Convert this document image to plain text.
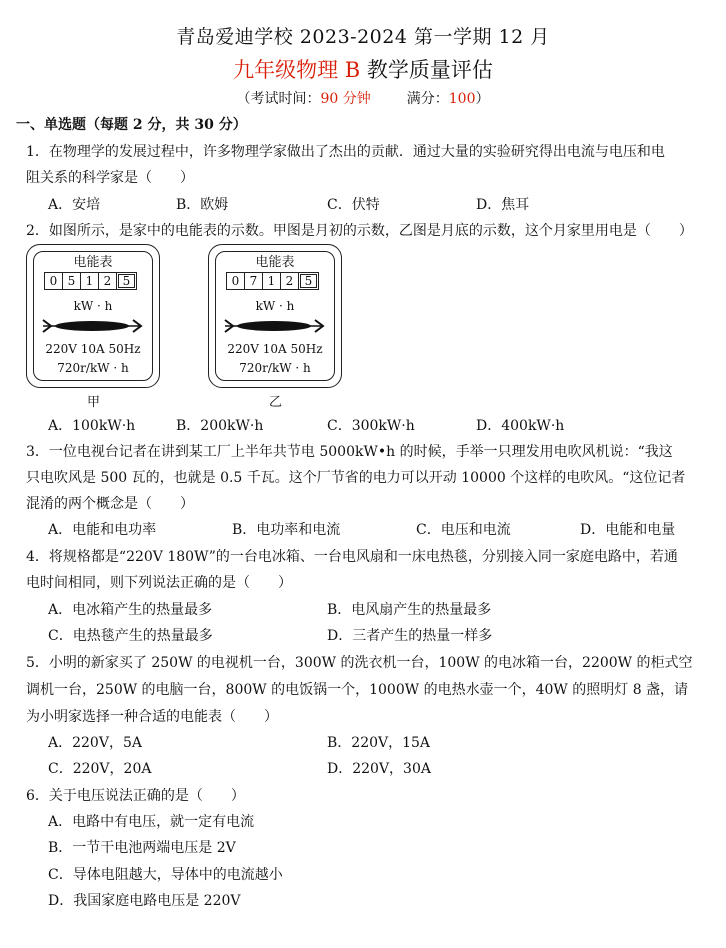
青岛爱迪学校 2023-2024 第一学期 12 月
九年级物理 B 教学质量评估
（考试时间：90 分钟	满分：100）
一、单选题（每题 2 分，共 30 分）
1．在物理学的发展过程中，许多物理学家做出了杰出的贡献．通过大量的实验研究得出电流与电压和电
阻关系的科学家是（　　）
A．安培	B．欧姆	C．伏特	D．焦耳
2．如图所示，是家中的电能表的示数。甲图是月初的示数，乙图是月底的示数，这个月家里用电是（　　）
电能表
0 5 1 2 5
kW · h
220V 10A 50Hz
720r/kW · h
甲
电能表
0 7 1 2 5
kW · h
220V 10A 50Hz
720r/kW · h
乙
A．100kW·h	B．200kW·h	C．300kW·h	D．400kW·h
3．一位电视台记者在讲到某工厂上半年共节电 5000kW•h 的时候，手举一只理发用电吹风机说：“我这
只电吹风是 500 瓦的，也就是 0.5 千瓦。这个厂节省的电力可以开动 10000 个这样的电吹风。“这位记者
混淆的两个概念是（　　）
A．电能和电功率	B．电功率和电流	C．电压和电流	D．电能和电量
4．将规格都是“220V 180W”的一台电冰箱、一台电风扇和一床电热毯，分别接入同一家庭电路中，若通
电时间相同，则下列说法正确的是（　　）
A．电冰箱产生的热量最多	B．电风扇产生的热量最多
C．电热毯产生的热量最多	D．三者产生的热量一样多
5．小明的新家买了 250W 的电视机一台，300W 的洗衣机一台，100W 的电冰箱一台，2200W 的柜式空
调机一台，250W 的电脑一台，800W 的电饭锅一个，1000W 的电热水壶一个，40W 的照明灯 8 盏，请
为小明家选择一种合适的电能表（　　）
A．220V，5A	B．220V，15A
C．220V，20A	D．220V，30A
6．关于电压说法正确的是（　　）
A．电路中有电压，就一定有电流
B．一节干电池两端电压是 2V
C．导体电阻越大，导体中的电流越小
D．我国家庭电路电压是 220V
